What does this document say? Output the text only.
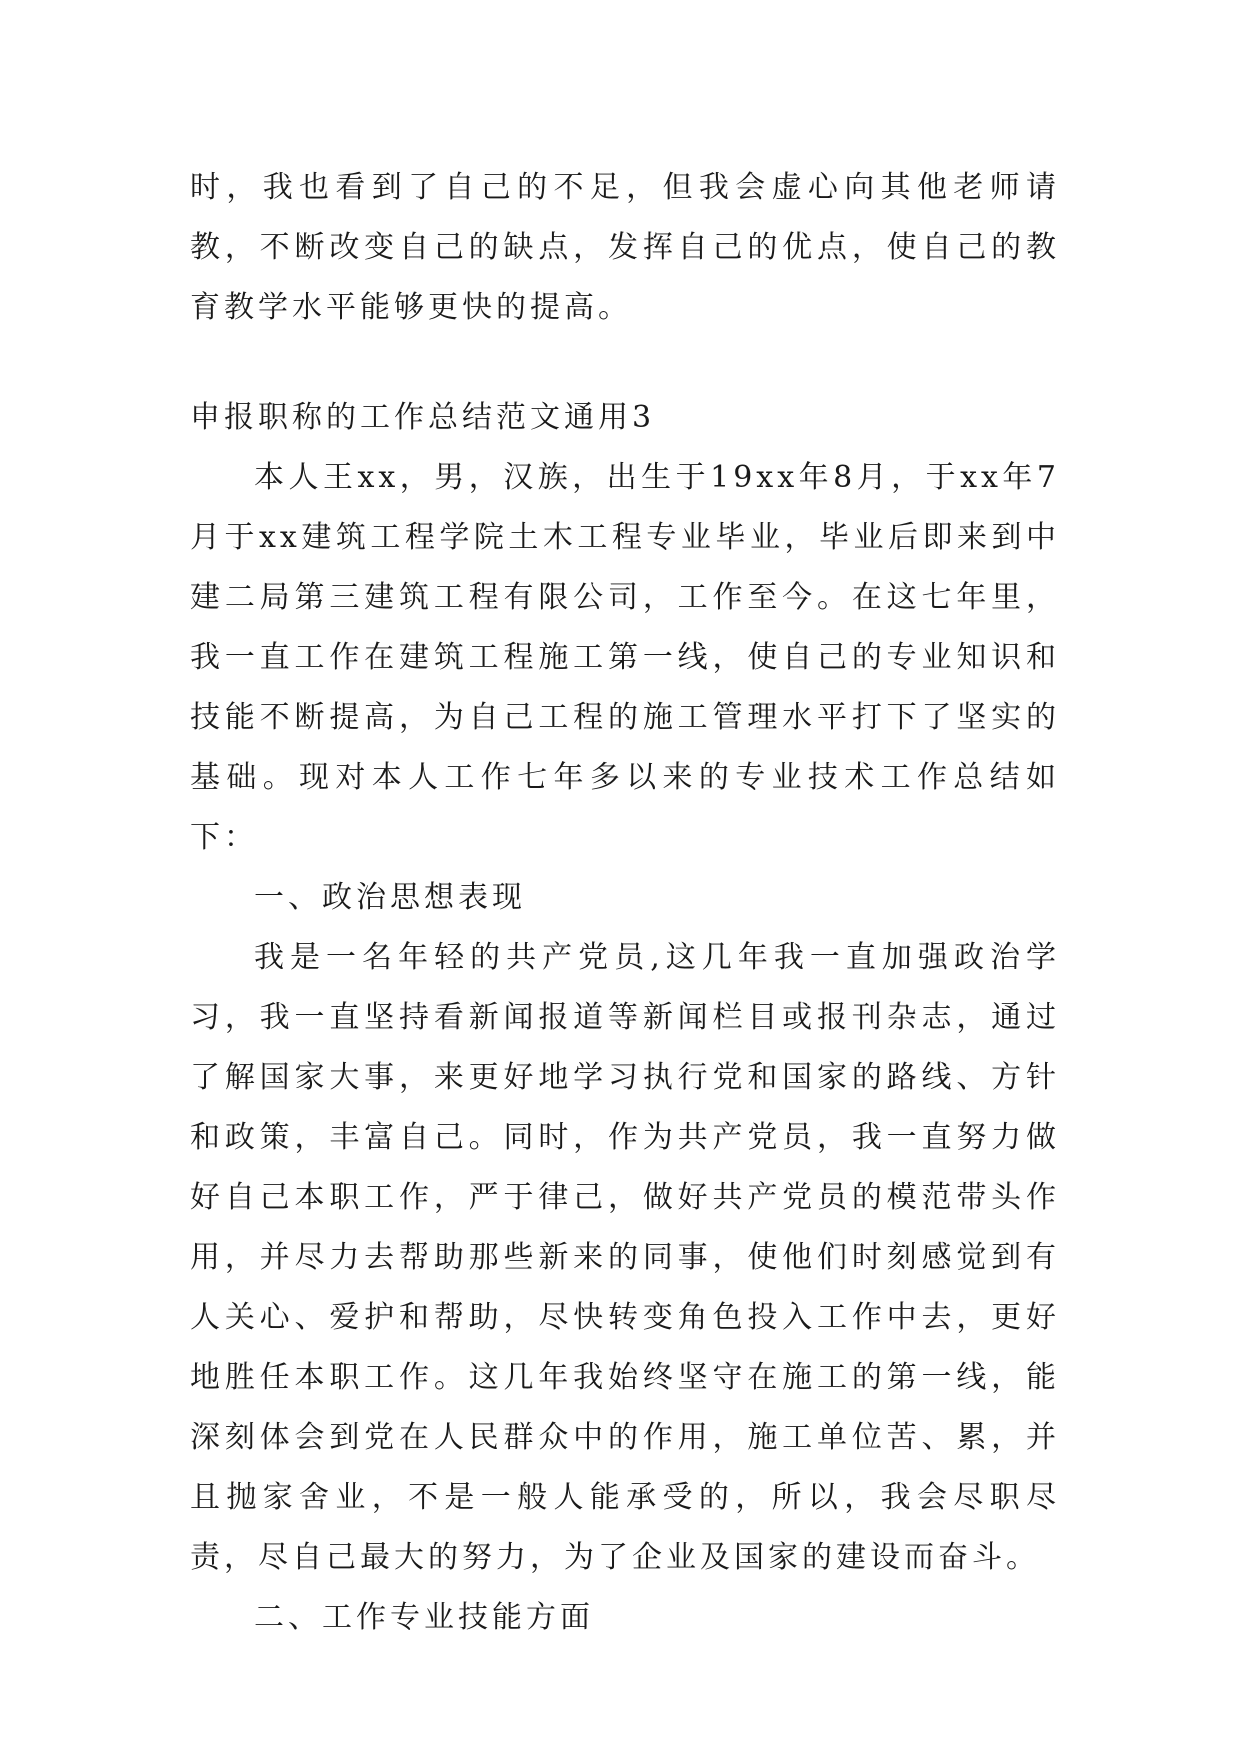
时，我也看到了自己的不足，但我会虚心向其他老师请教，不断改变自己的缺点，发挥自己的优点，使自己的教育教学水平能够更快的提高。

申报职称的工作总结范文通用3

本人王xx，男，汉族，出生于19xx年8月，于xx年7月于xx建筑工程学院土木工程专业毕业，毕业后即来到中建二局第三建筑工程有限公司，工作至今。在这七年里，我一直工作在建筑工程施工第一线，使自己的专业知识和技能不断提高，为自己工程的施工管理水平打下了坚实的基础。现对本人工作七年多以来的专业技术工作总结如下：

一、政治思想表现

我是一名年轻的共产党员,这几年我一直加强政治学习，我一直坚持看新闻报道等新闻栏目或报刊杂志，通过了解国家大事，来更好地学习执行党和国家的路线、方针和政策，丰富自己。同时，作为共产党员，我一直努力做好自己本职工作，严于律己，做好共产党员的模范带头作用，并尽力去帮助那些新来的同事，使他们时刻感觉到有人关心、爱护和帮助，尽快转变角色投入工作中去，更好地胜任本职工作。这几年我始终坚守在施工的第一线，能深刻体会到党在人民群众中的作用，施工单位苦、累，并且抛家舍业，不是一般人能承受的，所以，我会尽职尽责，尽自己最大的努力，为了企业及国家的建设而奋斗。

二、工作专业技能方面
